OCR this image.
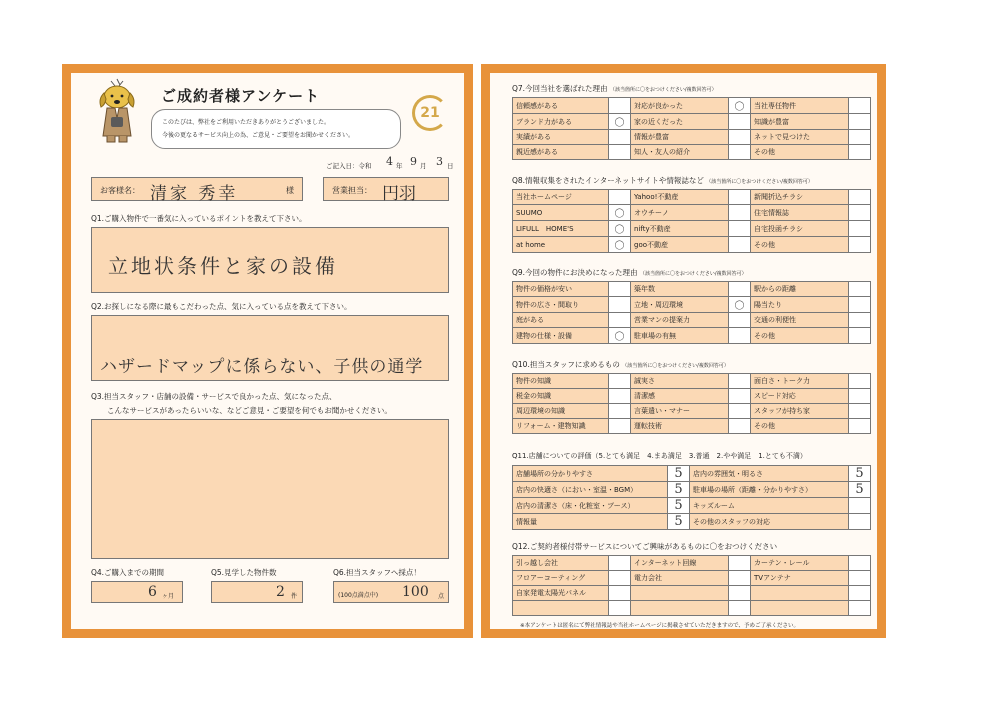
ご成約者様アンケート
このたびは、弊社をご利用いただきありがとうございました。
今後の更なるサービス向上の為、ご意見・ご要望をお聞かせください。
21
ご記入日：令和 4 年 9 月 3 日
お客様名： 清家 秀幸	様	営業担当： 円羽
Q1.ご購入物件で一番気に入っているポイントを教えて下さい。
立地状条件と家の設備
Q2.お探しになる際に最もこだわった点、気に入っている点を教えて下さい。
ハザードマップに係らない、子供の通学
Q3.担当スタッフ・店舗の設備・サービスで良かった点、気になった点、
こんなサービスがあったらいいな、などご意見・ご要望を何でもお聞かせください。
Q4.ご購入までの期間
6 ヶ月
Q5.見学した物件数
2 件
Q6.担当スタッフへ採点！
(100点満点中) 100 点
Q7.今回当社を選ばれた理由 （該当箇所に〇をおつけください/複数回答可）
信頼感がある		対応が良かった	〇	当社専任物件	
ブランド力がある	〇	家の近くだった		知識が豊富	
実績がある		情報が豊富		ネットで見つけた	
親近感がある		知人・友人の紹介		その他	
Q8.情報収集をされたインターネットサイトや情報誌など （該当箇所に〇をおつけください/複数回答可）
当社ホームページ		Yahoo!不動産		新聞折込チラシ	
SUUMO	〇	オウチーノ		住宅情報誌	
LIFULL　HOME'S	〇	nifty不動産		自宅投函チラシ	
at home	〇	goo不動産		その他	
Q9.今回の物件にお決めになった理由 （該当箇所に〇をおつけください/複数回答可）
物件の価格が安い		築年数		駅からの距離	
物件の広さ・間取り		立地・周辺環境	〇	陽当たり	
庭がある		営業マンの提案力		交通の利便性	
建物の仕様・設備	〇	駐車場の有無		その他	
Q10.担当スタッフに求めるもの （該当箇所に〇をおつけください/複数回答可）
物件の知識		誠実さ		面白さ・トーク力	
税金の知識		清潔感		スピード対応	
周辺環境の知識		言葉遣い・マナー		スタッフが持ち家	
リフォーム・建物知識		運転技術		その他	
Q11.店舗についての評価（5.とても満足　4.まあ満足　3.普通　2.やや満足　1.とても不満）
店舗場所の分かりやすさ	5	店内の雰囲気・明るさ	5
店内の快適さ（におい・室温・BGM）	5	駐車場の場所（距離・分かりやすさ）	5
店内の清潔さ（床・化粧室・ブース）	5	キッズルーム	
情報量	5	その他のスタッフの対応	
Q12.ご契約者様付帯サービスについてご興味があるものに〇をおつけください
引っ越し会社		インターネット回線		カーテン・レール	
フロアーコーティング		電力会社		TVアンテナ	
自家発電太陽光パネル					

※本アンケートは匿名にて弊社情報誌や当社ホームページに掲載させていただきますので、予めご了承ください。
